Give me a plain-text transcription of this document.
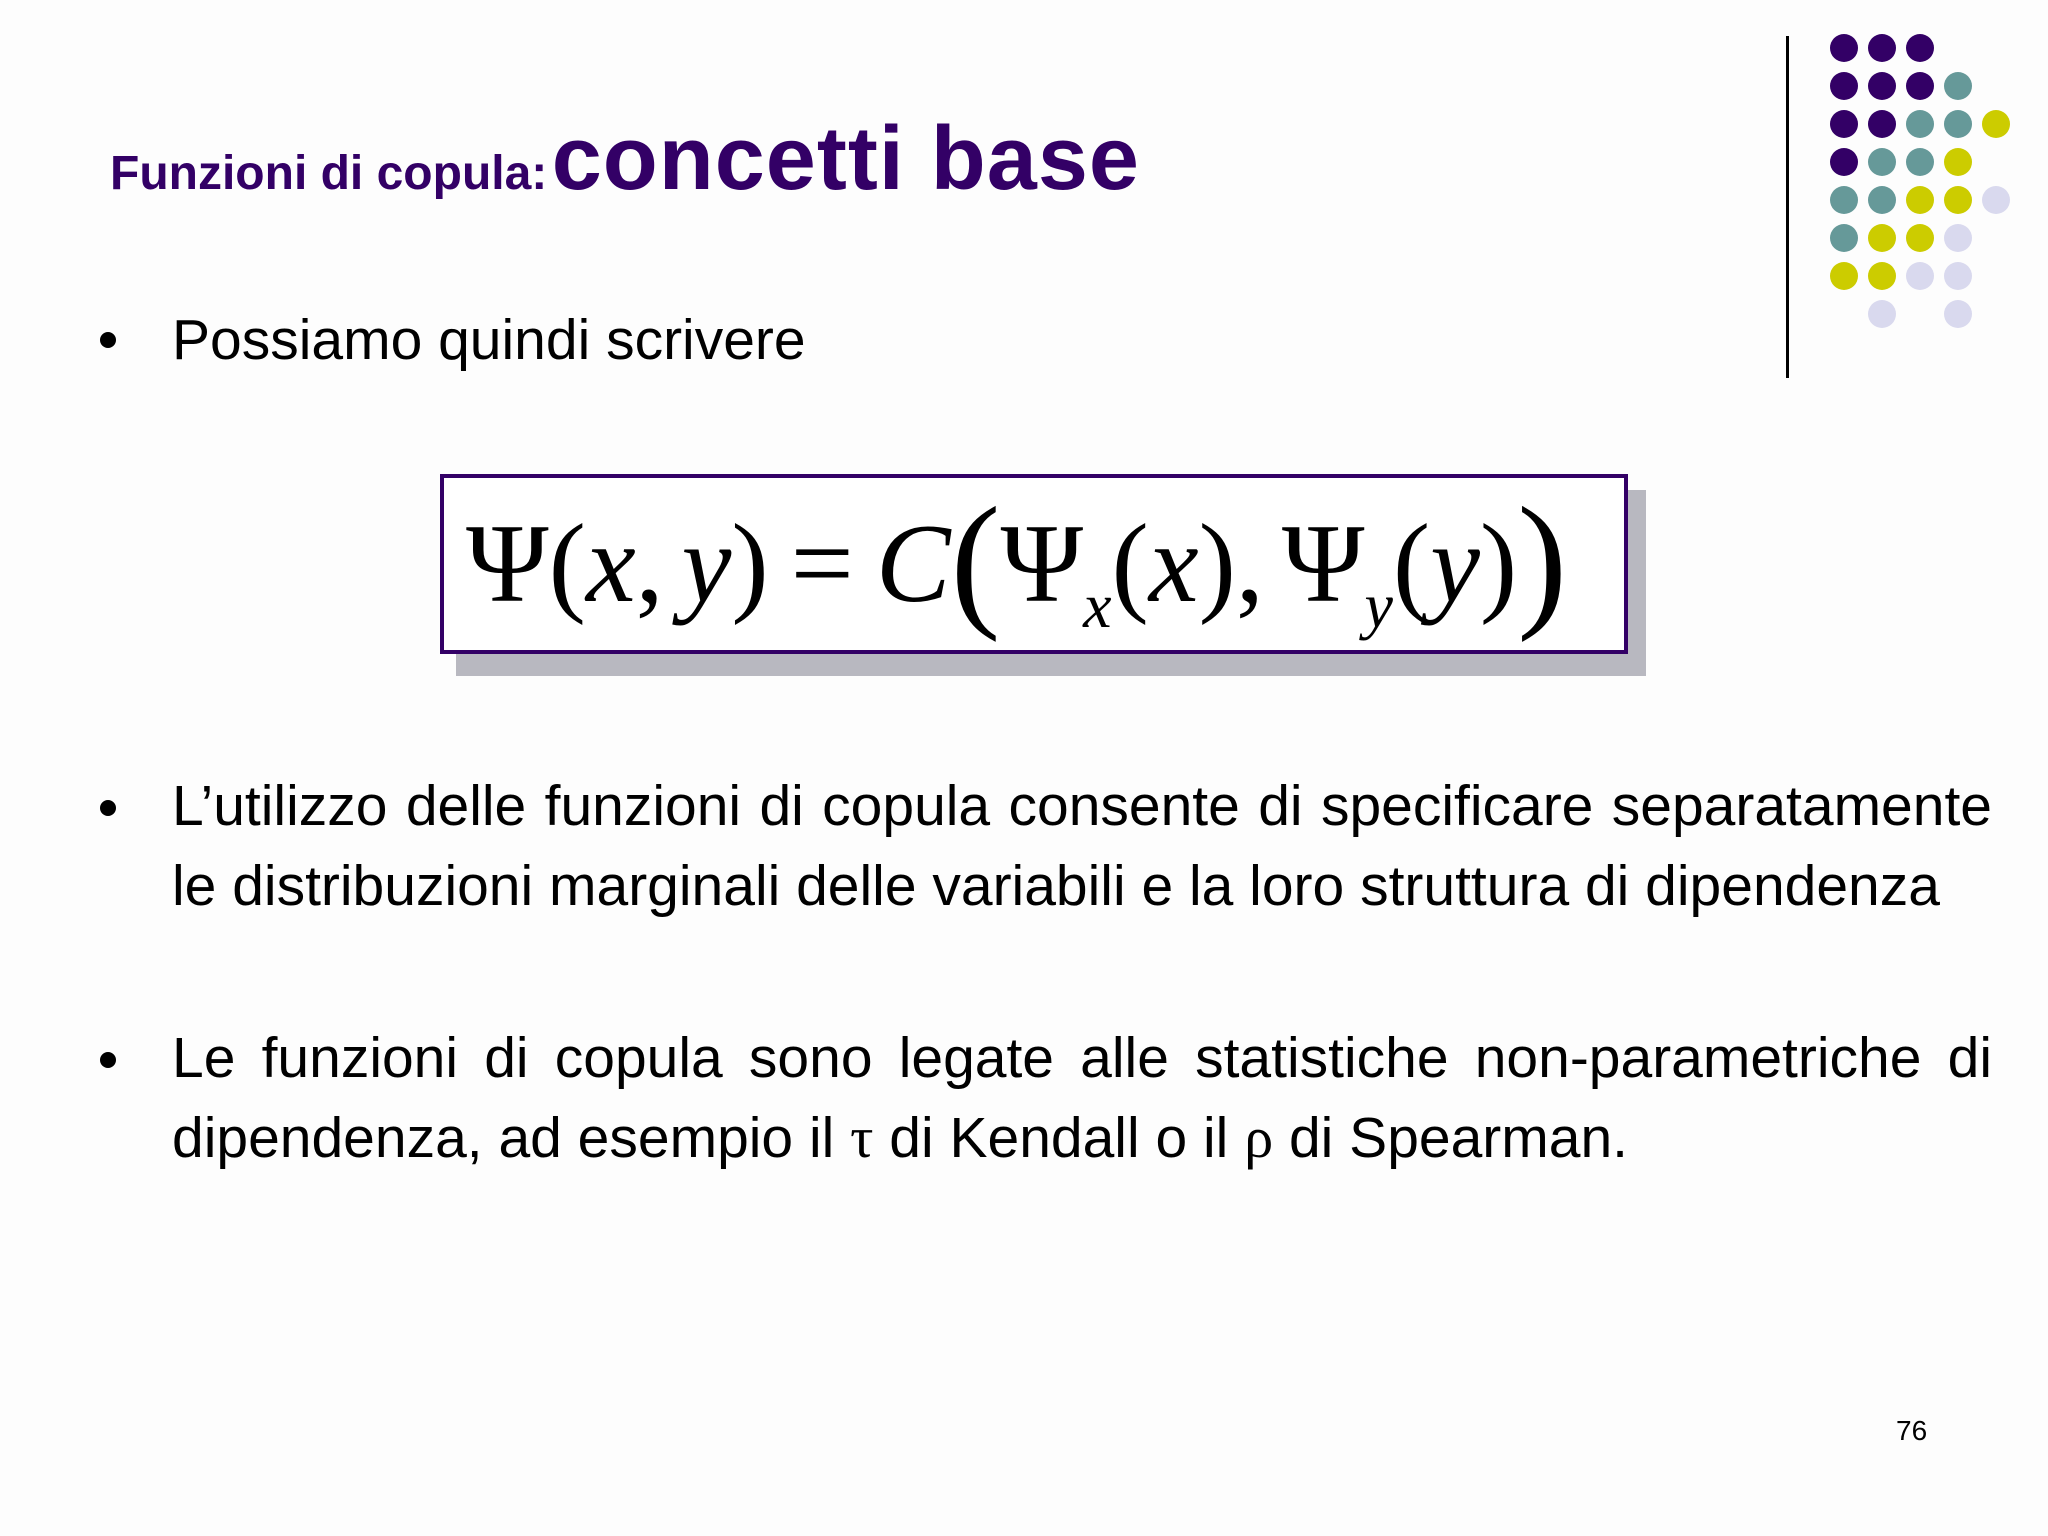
Funzioni di copula: concetti base
Possiamo quindi scrivere
Ψ ( x , y ) = C ( Ψ x ( x ) , Ψ y ( y ) )
L’utilizzo delle funzioni di copula consente di specificare separatamente le distribuzioni marginali delle variabili e la loro struttura di dipendenza
Le funzioni di copula sono legate alle statistiche non-parametriche di dipendenza, ad esempio il τ di Kendall o il ρ di Spearman.
76
